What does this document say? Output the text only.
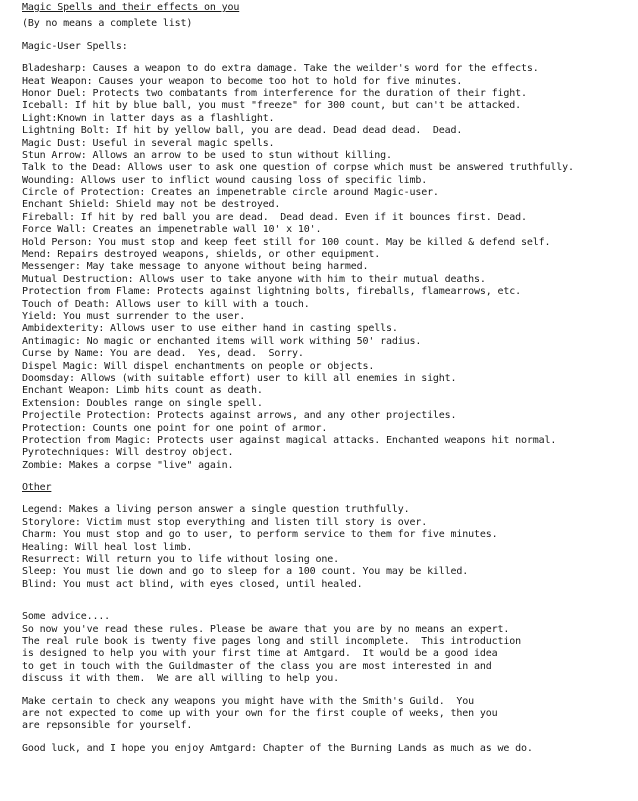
Magic Spells and their effects on you
(By no means a complete list)
Magic-User Spells:
Bladesharp: Causes a weapon to do extra damage. Take the weilder's word for the effects.
Heat Weapon: Causes your weapon to become too hot to hold for five minutes.
Honor Duel: Protects two combatants from interference for the duration of their fight.
Iceball: If hit by blue ball, you must "freeze" for 300 count, but can't be attacked.
Light:Known in latter days as a flashlight.
Lightning Bolt: If hit by yellow ball, you are dead. Dead dead dead.  Dead.
Magic Dust: Useful in several magic spells.
Stun Arrow: Allows an arrow to be used to stun without killing.
Talk to the Dead: Allows user to ask one question of corpse which must be answered truthfully.
Wounding: Allows user to inflict wound causing loss of specific limb.
Circle of Protection: Creates an impenetrable circle around Magic-user.
Enchant Shield: Shield may not be destroyed.
Fireball: If hit by red ball you are dead.  Dead dead. Even if it bounces first. Dead.
Force Wall: Creates an impenetrable wall 10' x 10'.
Hold Person: You must stop and keep feet still for 100 count. May be killed & defend self.
Mend: Repairs destroyed weapons, shields, or other equipment.
Messenger: May take message to anyone without being harmed.
Mutual Destruction: Allows user to take anyone with him to their mutual deaths.
Protection from Flame: Protects against lightning bolts, fireballs, flamearrows, etc.
Touch of Death: Allows user to kill with a touch.
Yield: You must surrender to the user.
Ambidexterity: Allows user to use either hand in casting spells.
Antimagic: No magic or enchanted items will work withing 50' radius.
Curse by Name: You are dead.  Yes, dead.  Sorry.
Dispel Magic: Will dispel enchantments on people or objects.
Doomsday: Allows (with suitable effort) user to kill all enemies in sight.
Enchant Weapon: Limb hits count as death.
Extension: Doubles range on single spell.
Projectile Protection: Protects against arrows, and any other projectiles.
Protection: Counts one point for one point of armor.
Protection from Magic: Protects user against magical attacks. Enchanted weapons hit normal.
Pyrotechniques: Will destroy object.
Zombie: Makes a corpse "live" again.
Other
Legend: Makes a living person answer a single question truthfully.
Storylore: Victim must stop everything and listen till story is over.
Charm: You must stop and go to user, to perform service to them for five minutes.
Healing: Will heal lost limb.
Resurrect: Will return you to life without losing one.
Sleep: You must lie down and go to sleep for a 100 count. You may be killed.
Blind: You must act blind, with eyes closed, until healed.
Some advice....
So now you've read these rules. Please be aware that you are by no means an expert.
The real rule book is twenty five pages long and still incomplete.  This introduction
is designed to help you with your first time at Amtgard.  It would be a good idea
to get in touch with the Guildmaster of the class you are most interested in and
discuss it with them.  We are all willing to help you.
Make certain to check any weapons you might have with the Smith's Guild.  You
are not expected to come up with your own for the first couple of weeks, then you
are repsonsible for yourself.
Good luck, and I hope you enjoy Amtgard: Chapter of the Burning Lands as much as we do.
